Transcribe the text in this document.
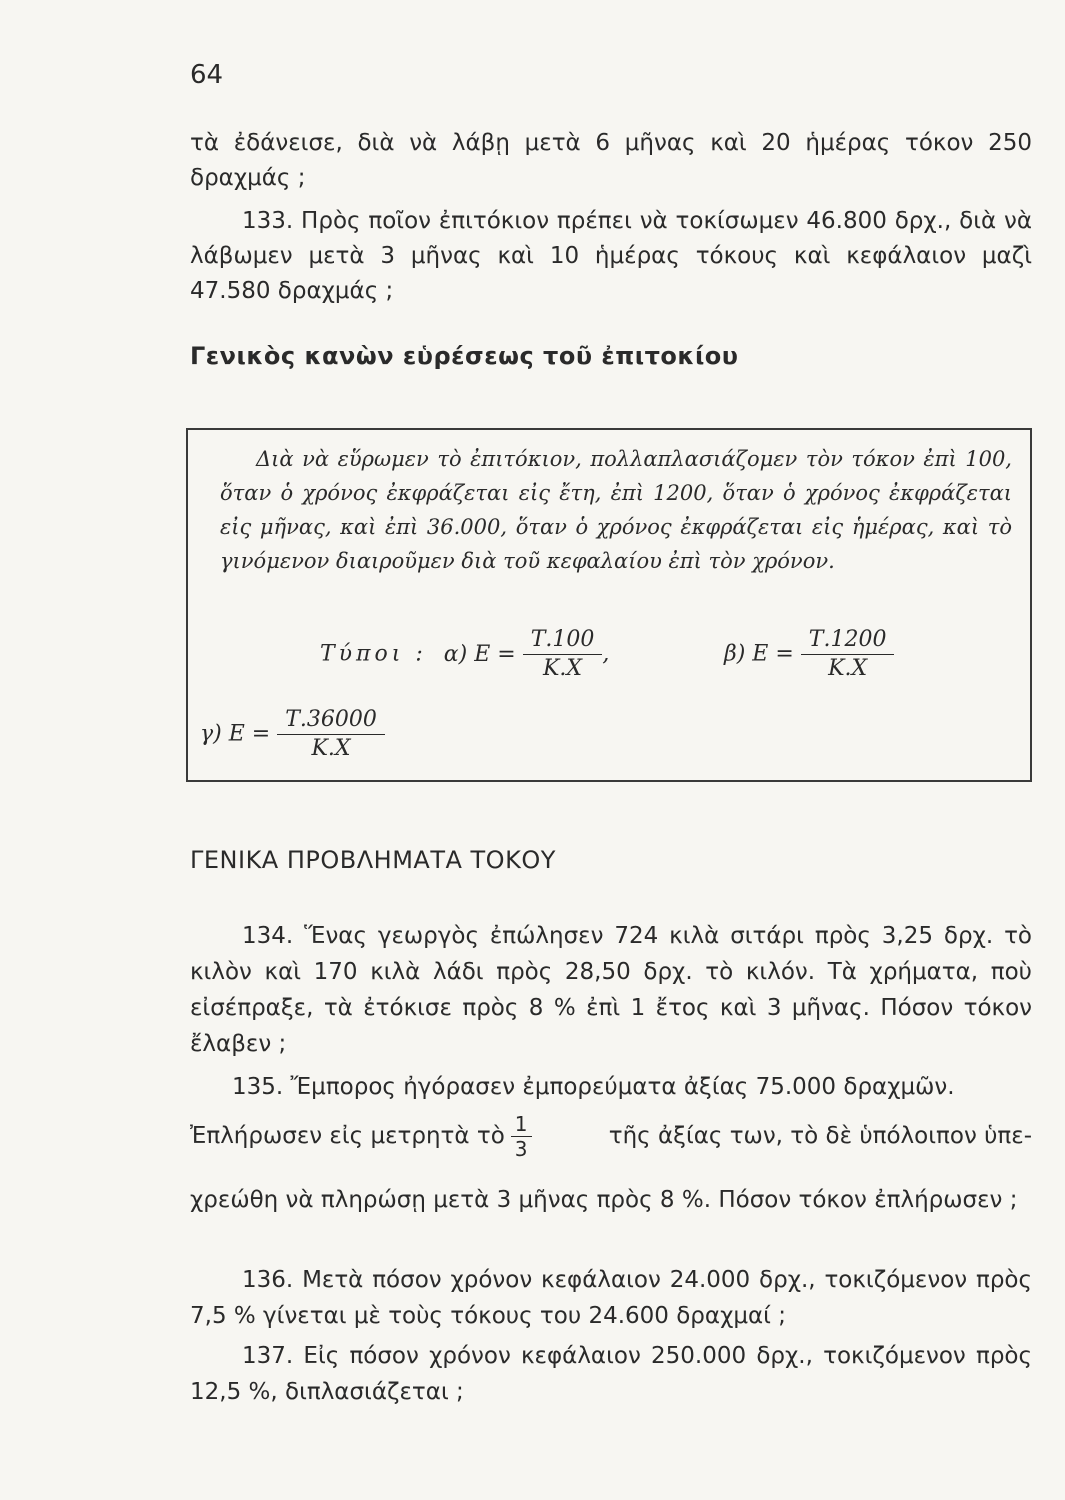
64

τὰ ἐδάνεισε, διὰ νὰ λάβῃ μετὰ 6 μῆνας καὶ 20 ἡμέρας τόκον 250 δραχμάς ;

133. Πρὸς ποῖον ἐπιτόκιον πρέπει νὰ τοκίσωμεν 46.800 δρχ., διὰ νὰ λάβωμεν μετὰ 3 μῆνας καὶ 10 ἡμέρας τόκους καὶ κεφάλαιον μαζὶ 47.580 δραχμάς ;

Γενικὸς κανὼν εὑρέσεως τοῦ ἐπιτοκίου

Διὰ νὰ εὕρωμεν τὸ ἐπιτόκιον, πολλαπλασιάζομεν τὸν τόκον ἐπὶ 100, ὅταν ὁ χρόνος ἐκφράζεται εἰς ἔτη, ἐπὶ 1200, ὅταν ὁ χρόνος ἐκφράζεται εἰς μῆνας, καὶ ἐπὶ 36.000, ὅταν ὁ χρόνος ἐκφράζεται εἰς ἡμέρας, καὶ τὸ γινόμενον διαιροῦμεν διὰ τοῦ κεφαλαίου ἐπὶ τὸν χρόνον.

Τύποι : α) $E = \frac{T.100}{K.X}$ ,	β) $E = \frac{T.1200}{K.X}$
γ) $E = \frac{T.36000}{K.X}$
ΓΕΝΙΚΑ ΠΡΟΒΛΗΜΑΤΑ ΤΟΚΟΥ

134. Ἕνας γεωργὸς ἐπώλησεν 724 κιλὰ σιτάρι πρὸς 3,25 δρχ. τὸ κιλὸν καὶ 170 κιλὰ λάδι πρὸς 28,50 δρχ. τὸ κιλόν. Τὰ χρήματα, ποὺ εἰσέπραξε, τὰ ἐτόκισε πρὸς 8 % ἐπὶ 1 ἔτος καὶ 3 μῆνας. Πόσον τόκον ἔλαβεν ;

135. Ἔμπορος ἠγόρασεν ἐμπορεύματα ἀξίας 75.000 δραχμῶν.

Ἐπλήρωσεν εἰς μετρητὰ τὸ $\frac{1}{3}$	τῆς ἀξίας των, τὸ δὲ ὑπόλοιπον ὑπε-

χρεώθη νὰ πληρώσῃ μετὰ 3 μῆνας πρὸς 8 %. Πόσον τόκον ἐπλήρωσεν ;

136. Μετὰ πόσον χρόνον κεφάλαιον 24.000 δρχ., τοκιζόμενον πρὸς 7,5 % γίνεται μὲ τοὺς τόκους του 24.600 δραχμαί ;

137. Εἰς πόσον χρόνον κεφάλαιον 250.000 δρχ., τοκιζόμενον πρὸς 12,5 %, διπλασιάζεται ;
